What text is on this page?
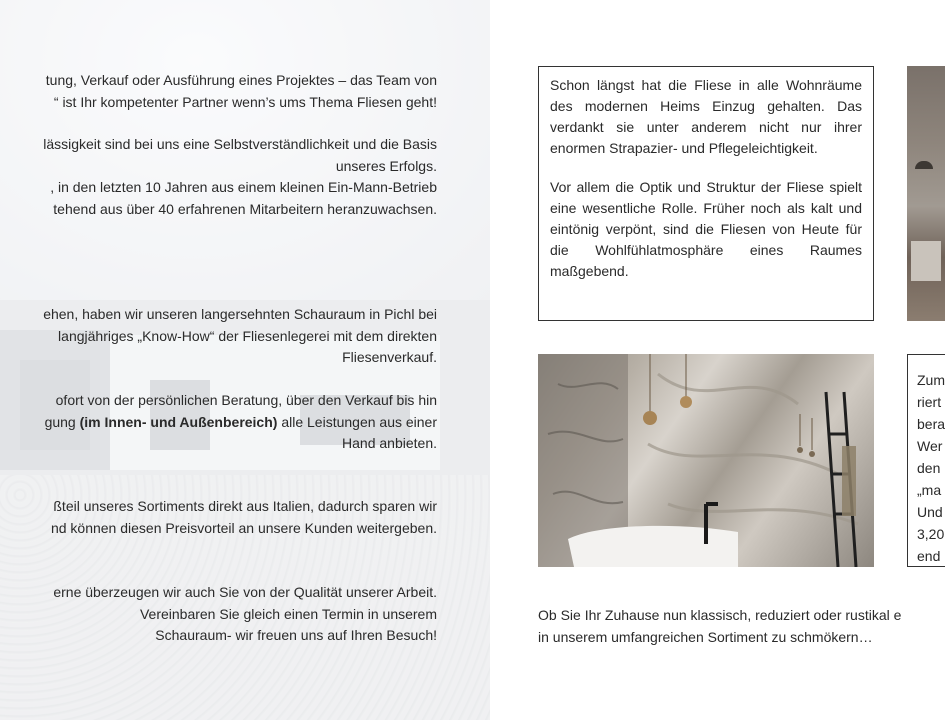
tung, Verkauf oder Ausführung eines Projektes – das Team von

“ ist Ihr kompetenter Partner wenn’s ums Thema Fliesen geht!

lässigkeit sind bei uns eine Selbstverständlichkeit und die Basis

unseres Erfolgs.

, in den letzten 10 Jahren aus einem kleinen Ein-Mann-Betrieb

tehend aus über 40 erfahrenen Mitarbeitern heranzuwachsen.

ehen, haben wir unseren langersehnten Schauraum in Pichl bei

langjähriges „Know-How“ der Fliesenlegerei mit dem direkten

Fliesenverkauf.

ofort von der persönlichen Beratung, über den Verkauf bis hin

gung (im Innen- und Außenbereich) alle Leistungen aus einer

Hand anbieten.

ßteil unseres Sortiments direkt aus Italien, dadurch sparen wir

nd können diesen Preisvorteil an unsere Kunden weitergeben.

erne überzeugen wir auch Sie von der Qualität unserer Arbeit.

Vereinbaren Sie gleich einen Termin in unserem

Schauraum- wir freuen uns auf Ihren Besuch!

Schon längst hat die Fliese in alle Wohnräume des modernen Heims Einzug gehalten. Das verdankt sie unter anderem nicht nur ihrer enormen Strapazier- und Pflegeleichtigkeit.

Vor allem die Optik und Struktur der Fliese spielt eine wesentliche Rolle. Früher noch als kalt und eintönig verpönt, sind die Fliesen von Heute für die Wohlfühlatmosphäre eines Raumes maßgebend.

Zum

riert

bera

Wer

den

„ma

Und

3,20

end

Ob Sie Ihr Zuhause nun klassisch, reduziert oder rustikal e

in unserem umfangreichen Sortiment zu schmökern…
